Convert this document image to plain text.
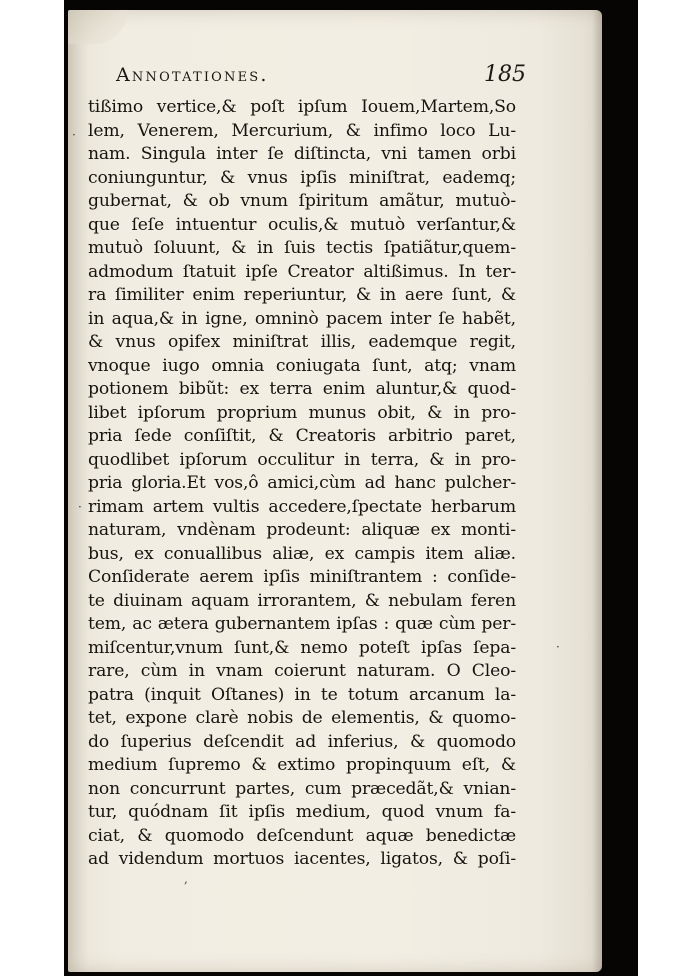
Annotationes.	185
·
·
,
·
tißimo vertice,& poſt ipſum Iouem,Martem,So
lem, Venerem, Mercurium, & infimo loco Lu-
nam. Singula inter ſe diſtincta, vni tamen orbi
coniunguntur, & vnus ipſis miniſtrat, eademq;
gubernat, & ob vnum ſpiritum amãtur, mutuò-
que ſeſe intuentur oculis,& mutuò verſantur,&
mutuò ſoluunt, & in ſuis tectis ſpatiãtur,quem-
admodum ſtatuit ipſe Creator altißimus. In ter-
ra ſimiliter enim reperiuntur, & in aere ſunt, &
in aqua,& in igne, omninò pacem inter ſe habẽt,
& vnus opifex miniſtrat illis, eademque regit,
vnoque iugo omnia coniugata ſunt, atq; vnam
potionem bibũt: ex terra enim aluntur,& quod-
libet ipſorum proprium munus obit, & in pro-
pria ſede conſiſtit, & Creatoris arbitrio paret,
quodlibet ipſorum occulitur in terra, & in pro-
pria gloria.Et vos,ô amici,cùm ad hanc pulcher-
rimam artem vultis accedere,ſpectate herbarum
naturam, vndènam prodeunt: aliquæ ex monti-
bus, ex conuallibus aliæ, ex campis item aliæ.
Conſiderate aerem ipſis miniſtrantem : conſide-
te diuinam aquam irrorantem, & nebulam feren
tem, ac ætera gubernantem ipſas : quæ cùm per-
miſcentur,vnum ſunt,& nemo poteſt ipſas ſepa-
rare, cùm in vnam coierunt naturam. O Cleo-
patra (inquit Oſtanes) in te totum arcanum la-
tet, expone clarè nobis de elementis, & quomo-
do ſuperius deſcendit ad inferius, & quomodo
medium ſupremo & extimo propinquum eſt, &
non concurrunt partes, cum præcedãt,& vnian-
tur, quódnam ſit ipſis medium, quod vnum fa-
ciat, & quomodo deſcendunt aquæ benedictæ
ad videndum mortuos iacentes, ligatos, & poſi-
